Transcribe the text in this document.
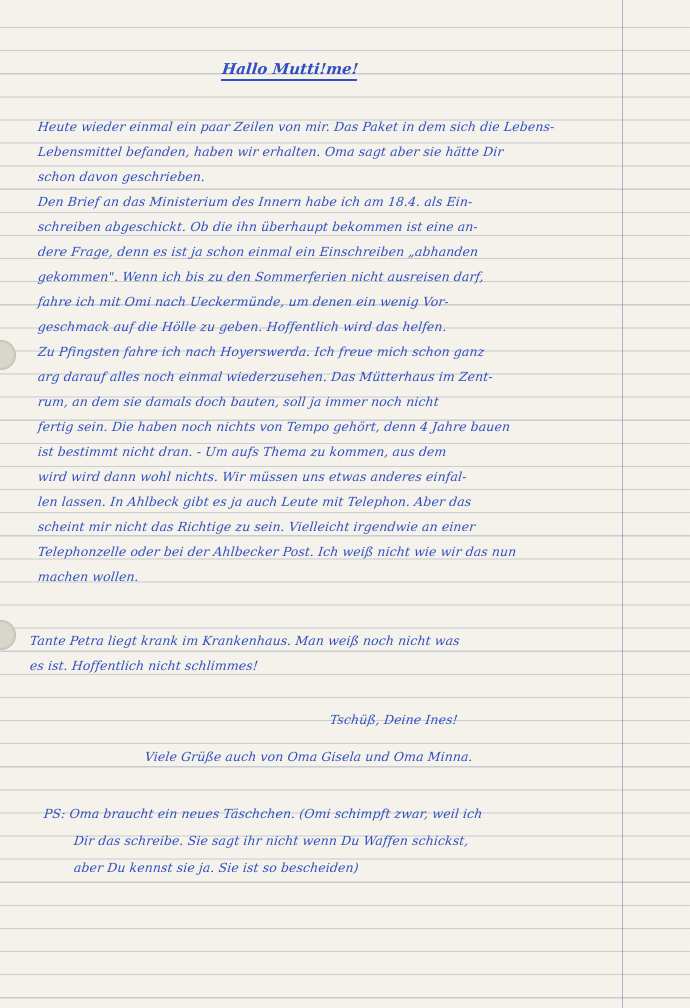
Hallo Mutti!me!
Heute wieder einmal ein paar Zeilen von mir. Das Paket in dem sich die Lebens-
Lebensmittel befanden, haben wir erhalten. Oma sagt aber sie hätte Dir
schon davon geschrieben.
Den Brief an das Ministerium des Innern habe ich am 18.4. als Ein-
schreiben abgeschickt. Ob die ihn überhaupt bekommen ist eine an-
dere Frage, denn es ist ja schon einmal ein Einschreiben „abhanden
gekommen". Wenn ich bis zu den Sommerferien nicht ausreisen darf,
fahre ich mit Omi nach Ueckermünde, um denen ein wenig Vor-
geschmack auf die Hölle zu geben. Hoffentlich wird das helfen.
Zu Pfingsten fahre ich nach Hoyerswerda. Ich freue mich schon ganz
arg darauf alles noch einmal wiederzusehen. Das Mütterhaus im Zent-
rum, an dem sie damals doch bauten, soll ja immer noch nicht
fertig sein. Die haben noch nichts von Tempo gehört, denn 4 Jahre bauen
ist bestimmt nicht dran. - Um aufs Thema zu kommen, aus dem
wird wird dann wohl nichts. Wir müssen uns etwas anderes einfal-
len lassen. In Ahlbeck gibt es ja auch Leute mit Telephon. Aber das
scheint mir nicht das Richtige zu sein. Vielleicht irgendwie an einer
Telephonzelle oder bei der Ahlbecker Post. Ich weiß nicht wie wir das nun
machen wollen.
Tante Petra liegt krank im Krankenhaus. Man weiß noch nicht was
es ist. Hoffentlich nicht schlimmes!
Tschüß, Deine Ines!
Viele Grüße auch von Oma Gisela und Oma Minna.
PS: Oma braucht ein neues Täschchen. (Omi schimpft zwar, weil ich
Dir das schreibe. Sie sagt ihr nicht wenn Du Waffen schickst,
aber Du kennst sie ja. Sie ist so bescheiden)
